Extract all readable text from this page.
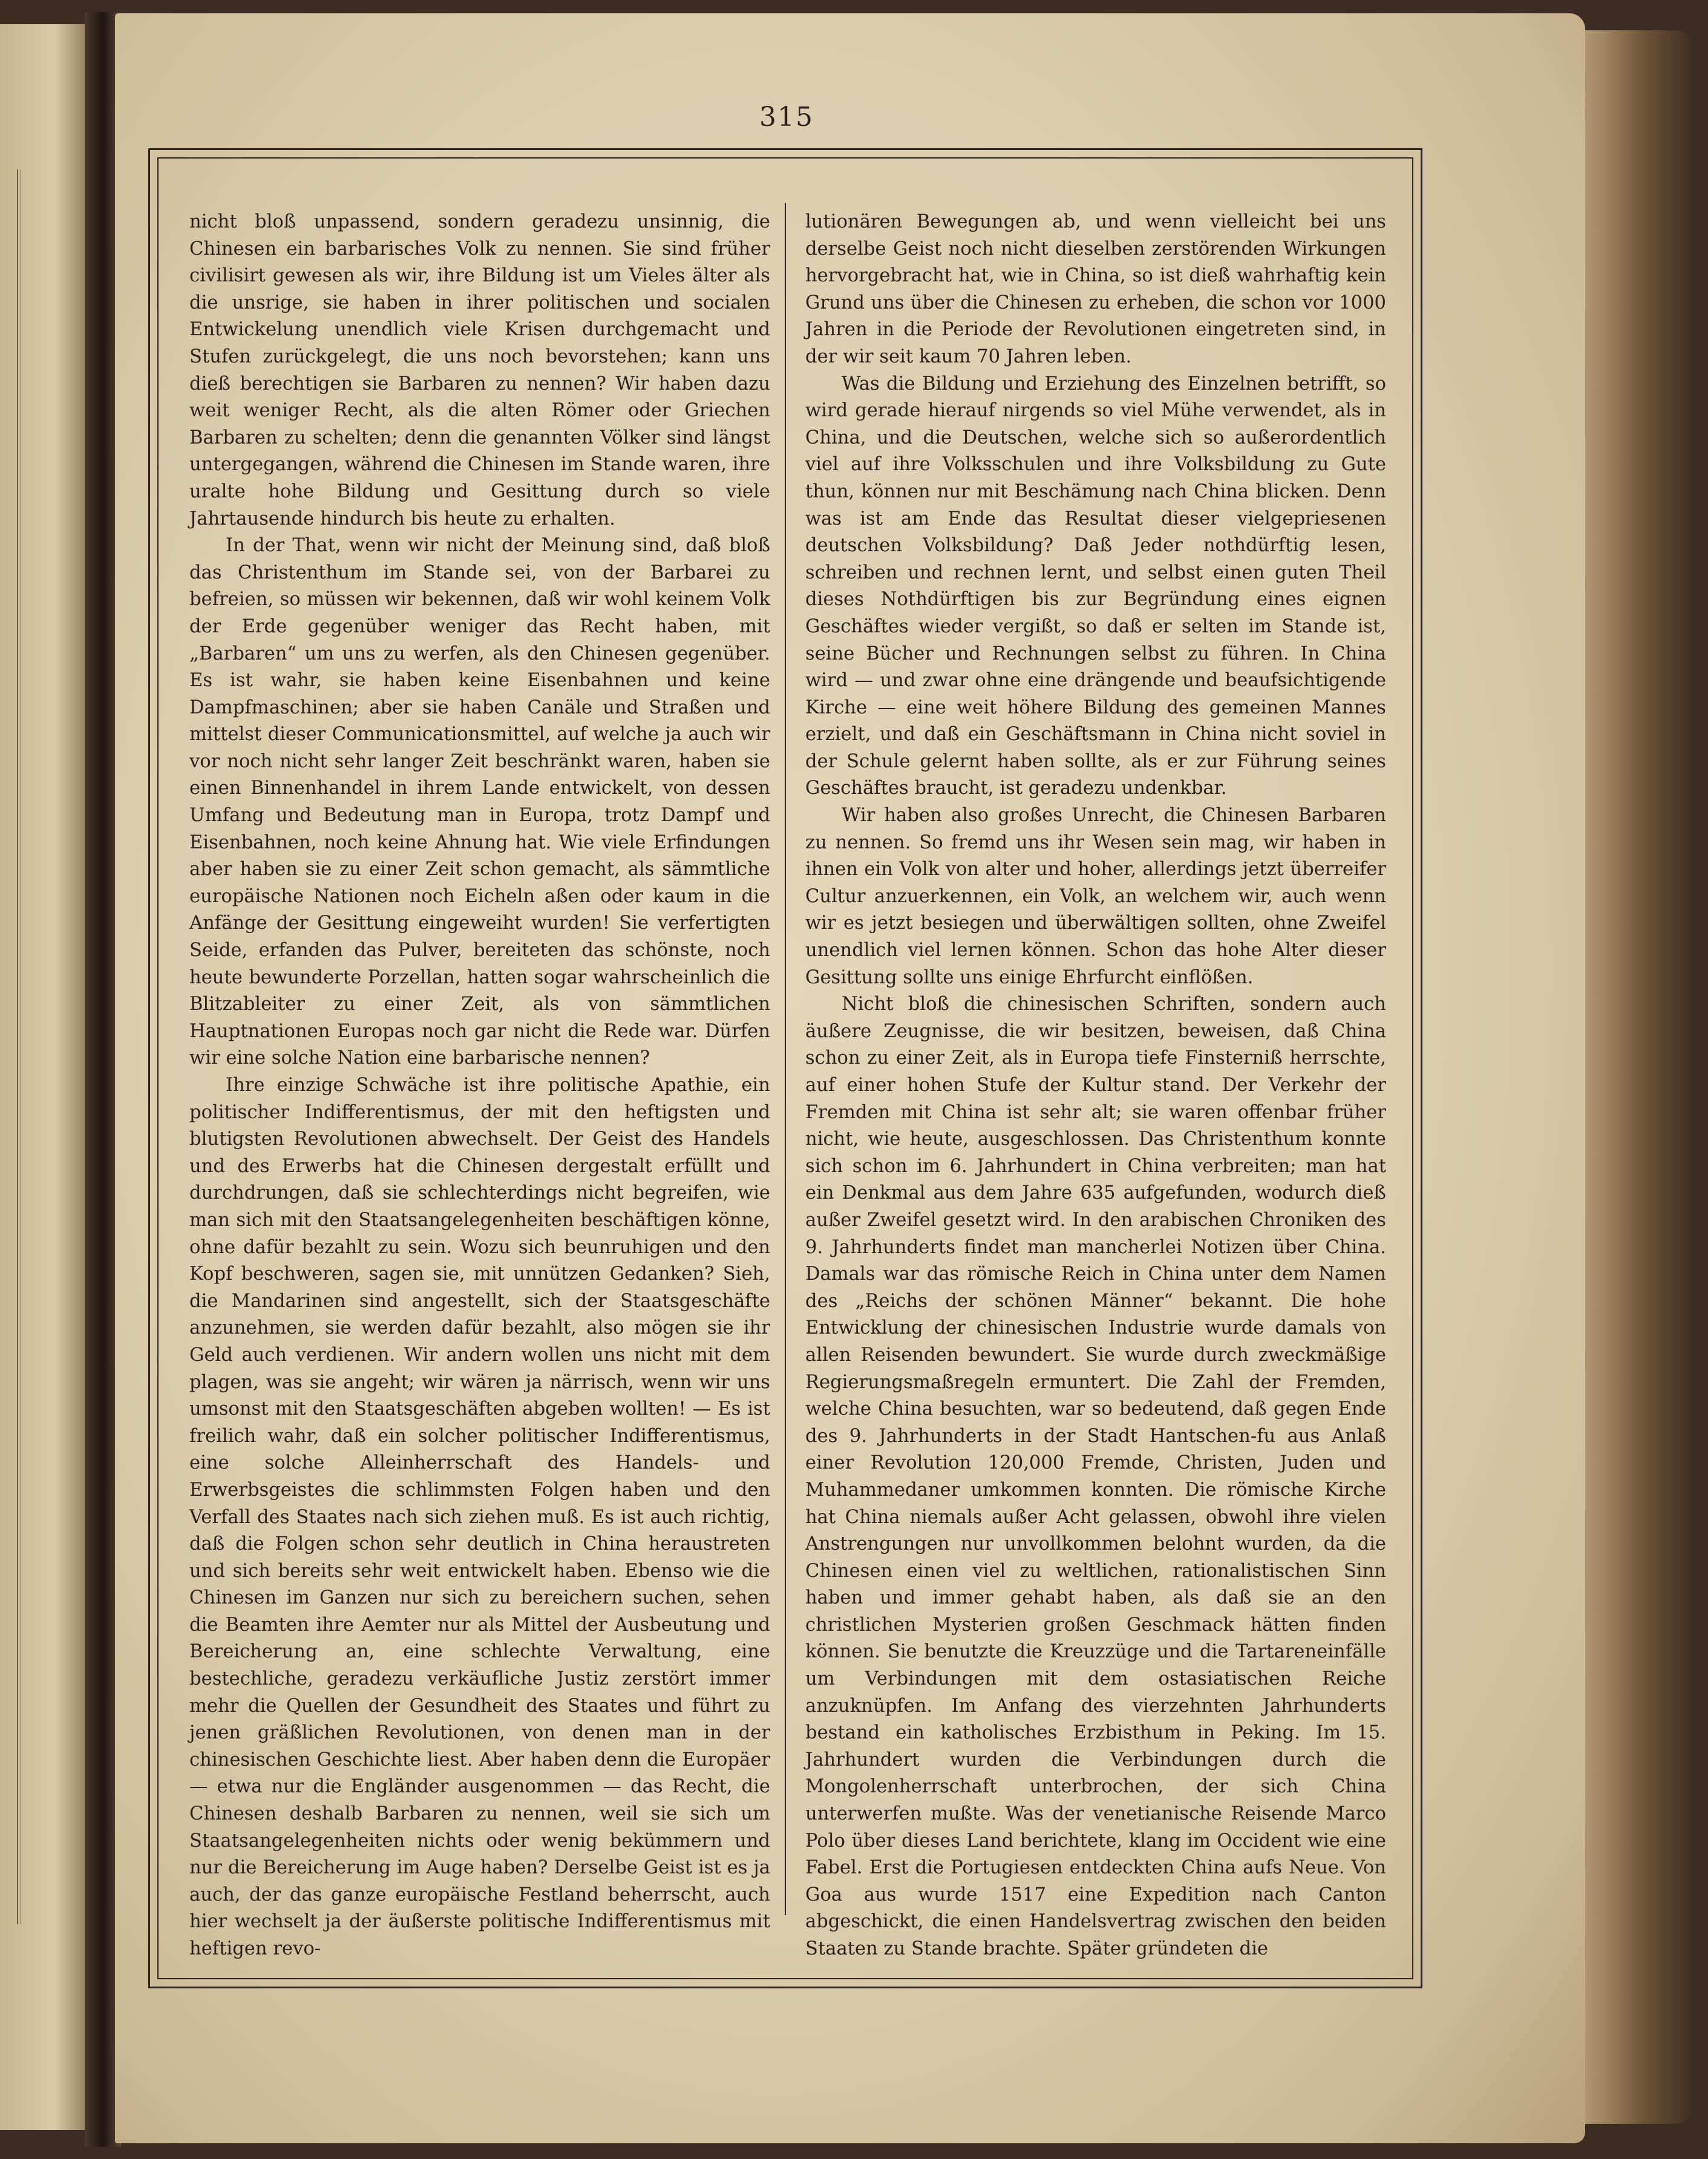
315

nicht bloß unpassend, sondern geradezu unsinnig, die Chinesen ein barbarisches Volk zu nennen. Sie sind früher civilisirt gewesen als wir, ihre Bildung ist um Vieles älter als die unsrige, sie haben in ihrer politischen und socialen Entwickelung unendlich viele Krisen durchgemacht und Stufen zurückgelegt, die uns noch bevorstehen; kann uns dieß berechtigen sie Barbaren zu nennen? Wir haben dazu weit weniger Recht, als die alten Römer oder Griechen Barbaren zu schelten; denn die genannten Völker sind längst untergegangen, während die Chinesen im Stande waren, ihre uralte hohe Bildung und Gesittung durch so viele Jahrtausende hindurch bis heute zu erhalten.

In der That, wenn wir nicht der Meinung sind, daß bloß das Christenthum im Stande sei, von der Barbarei zu befreien, so müssen wir bekennen, daß wir wohl keinem Volk der Erde gegenüber weniger das Recht haben, mit „Barbaren“ um uns zu werfen, als den Chinesen gegenüber. Es ist wahr, sie haben keine Eisenbahnen und keine Dampfmaschinen; aber sie haben Canäle und Straßen und mittelst dieser Communicationsmittel, auf welche ja auch wir vor noch nicht sehr langer Zeit beschränkt waren, haben sie einen Binnenhandel in ihrem Lande entwickelt, von dessen Umfang und Bedeutung man in Europa, trotz Dampf und Eisenbahnen, noch keine Ahnung hat. Wie viele Erfindungen aber haben sie zu einer Zeit schon gemacht, als sämmtliche europäische Nationen noch Eicheln aßen oder kaum in die Anfänge der Gesittung eingeweiht wurden! Sie verfertigten Seide, erfanden das Pulver, bereiteten das schönste, noch heute bewunderte Porzellan, hatten sogar wahrscheinlich die Blitzableiter zu einer Zeit, als von sämmtlichen Hauptnationen Europas noch gar nicht die Rede war. Dürfen wir eine solche Nation eine barbarische nennen?

Ihre einzige Schwäche ist ihre politische Apathie, ein politischer Indifferentismus, der mit den heftigsten und blutigsten Revolutionen abwechselt. Der Geist des Handels und des Erwerbs hat die Chinesen dergestalt erfüllt und durchdrungen, daß sie schlechterdings nicht begreifen, wie man sich mit den Staatsangelegenheiten beschäftigen könne, ohne dafür bezahlt zu sein. Wozu sich beunruhigen und den Kopf beschweren, sagen sie, mit unnützen Gedanken? Sieh, die Mandarinen sind angestellt, sich der Staatsgeschäfte anzunehmen, sie werden dafür bezahlt, also mögen sie ihr Geld auch verdienen. Wir andern wollen uns nicht mit dem plagen, was sie angeht; wir wären ja närrisch, wenn wir uns umsonst mit den Staatsgeschäften abgeben wollten! — Es ist freilich wahr, daß ein solcher politischer Indifferentismus, eine solche Alleinherrschaft des Handels- und Erwerbsgeistes die schlimmsten Folgen haben und den Verfall des Staates nach sich ziehen muß. Es ist auch richtig, daß die Folgen schon sehr deutlich in China heraustreten und sich bereits sehr weit entwickelt haben. Ebenso wie die Chinesen im Ganzen nur sich zu bereichern suchen, sehen die Beamten ihre Aemter nur als Mittel der Ausbeutung und Bereicherung an, eine schlechte Verwaltung, eine bestechliche, geradezu verkäufliche Justiz zerstört immer mehr die Quellen der Gesundheit des Staates und führt zu jenen gräßlichen Revolutionen, von denen man in der chinesischen Geschichte liest. Aber haben denn die Europäer — etwa nur die Engländer ausgenommen — das Recht, die Chinesen deshalb Barbaren zu nennen, weil sie sich um Staatsangelegenheiten nichts oder wenig bekümmern und nur die Bereicherung im Auge haben? Derselbe Geist ist es ja auch, der das ganze europäische Festland beherrscht, auch hier wechselt ja der äußerste politische Indifferentismus mit heftigen revo-

lutionären Bewegungen ab, und wenn vielleicht bei uns derselbe Geist noch nicht dieselben zerstörenden Wirkungen hervorgebracht hat, wie in China, so ist dieß wahrhaftig kein Grund uns über die Chinesen zu erheben, die schon vor 1000 Jahren in die Periode der Revolutionen eingetreten sind, in der wir seit kaum 70 Jahren leben.

Was die Bildung und Erziehung des Einzelnen betrifft, so wird gerade hierauf nirgends so viel Mühe verwendet, als in China, und die Deutschen, welche sich so außerordentlich viel auf ihre Volksschulen und ihre Volksbildung zu Gute thun, können nur mit Beschämung nach China blicken. Denn was ist am Ende das Resultat dieser vielgepriesenen deutschen Volksbildung? Daß Jeder nothdürftig lesen, schreiben und rechnen lernt, und selbst einen guten Theil dieses Nothdürftigen bis zur Begründung eines eignen Geschäftes wieder vergißt, so daß er selten im Stande ist, seine Bücher und Rechnungen selbst zu führen. In China wird — und zwar ohne eine drängende und beaufsichtigende Kirche — eine weit höhere Bildung des gemeinen Mannes erzielt, und daß ein Geschäftsmann in China nicht soviel in der Schule gelernt haben sollte, als er zur Führung seines Geschäftes braucht, ist geradezu undenkbar.

Wir haben also großes Unrecht, die Chinesen Barbaren zu nennen. So fremd uns ihr Wesen sein mag, wir haben in ihnen ein Volk von alter und hoher, allerdings jetzt überreifer Cultur anzuerkennen, ein Volk, an welchem wir, auch wenn wir es jetzt besiegen und überwältigen sollten, ohne Zweifel unendlich viel lernen können. Schon das hohe Alter dieser Gesittung sollte uns einige Ehrfurcht einflößen.

Nicht bloß die chinesischen Schriften, sondern auch äußere Zeugnisse, die wir besitzen, beweisen, daß China schon zu einer Zeit, als in Europa tiefe Finsterniß herrschte, auf einer hohen Stufe der Kultur stand. Der Verkehr der Fremden mit China ist sehr alt; sie waren offenbar früher nicht, wie heute, ausgeschlossen. Das Christenthum konnte sich schon im 6. Jahrhundert in China verbreiten; man hat ein Denkmal aus dem Jahre 635 aufgefunden, wodurch dieß außer Zweifel gesetzt wird. In den arabischen Chroniken des 9. Jahrhunderts findet man mancherlei Notizen über China. Damals war das römische Reich in China unter dem Namen des „Reichs der schönen Männer“ bekannt. Die hohe Entwicklung der chinesischen Industrie wurde damals von allen Reisenden bewundert. Sie wurde durch zweckmäßige Regierungsmaßregeln ermuntert. Die Zahl der Fremden, welche China besuchten, war so bedeutend, daß gegen Ende des 9. Jahrhunderts in der Stadt Hantschen-fu aus Anlaß einer Revolution 120,000 Fremde, Christen, Juden und Muhammedaner umkommen konnten. Die römische Kirche hat China niemals außer Acht gelassen, obwohl ihre vielen Anstrengungen nur unvollkommen belohnt wurden, da die Chinesen einen viel zu weltlichen, rationalistischen Sinn haben und immer gehabt haben, als daß sie an den christlichen Mysterien großen Geschmack hätten finden können. Sie benutzte die Kreuzzüge und die Tartareneinfälle um Verbindungen mit dem ostasiatischen Reiche anzuknüpfen. Im Anfang des vierzehnten Jahrhunderts bestand ein katholisches Erzbisthum in Peking. Im 15. Jahrhundert wurden die Verbindungen durch die Mongolenherrschaft unterbrochen, der sich China unterwerfen mußte. Was der venetianische Reisende Marco Polo über dieses Land berichtete, klang im Occident wie eine Fabel. Erst die Portugiesen entdeckten China aufs Neue. Von Goa aus wurde 1517 eine Expedition nach Canton abgeschickt, die einen Handelsvertrag zwischen den beiden Staaten zu Stande brachte. Später gründeten die
